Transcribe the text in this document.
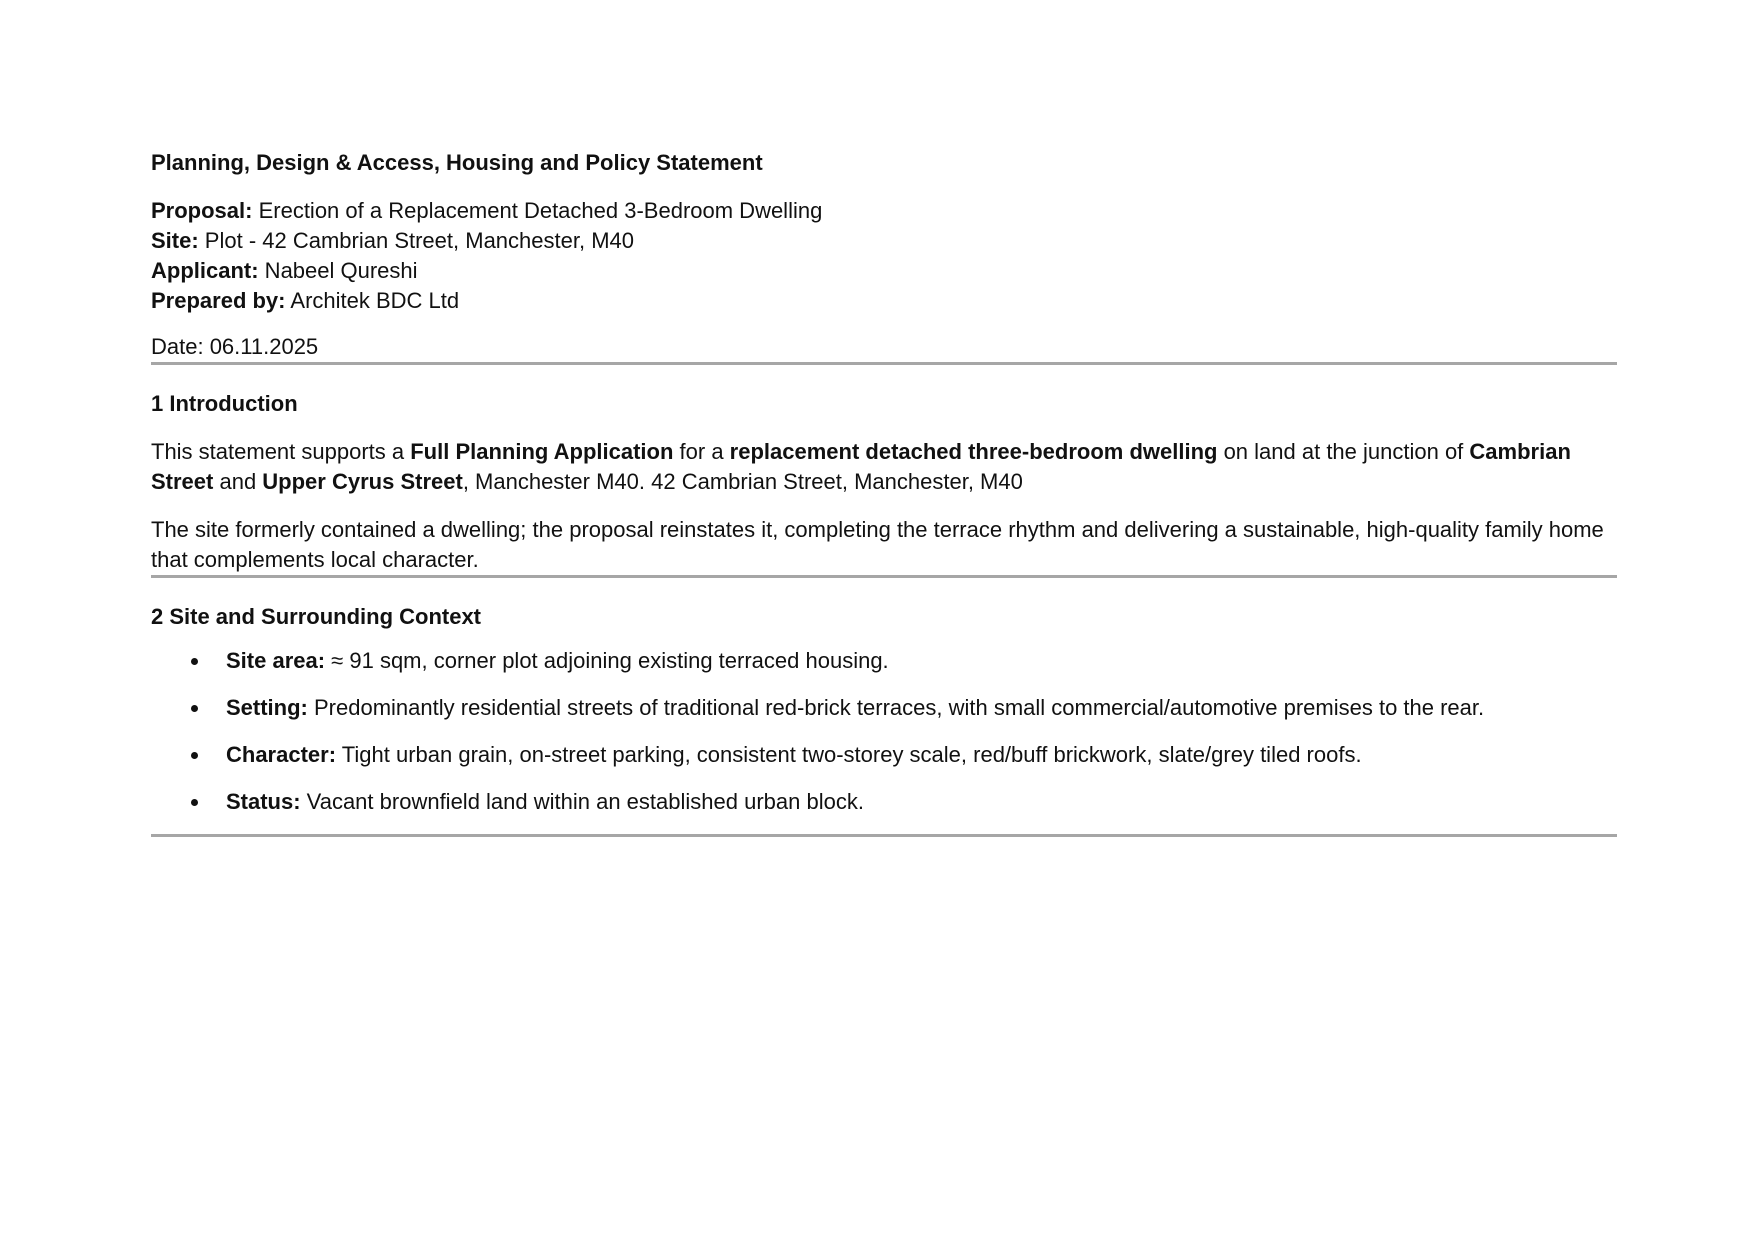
Planning, Design & Access, Housing and Policy Statement

Proposal: Erection of a Replacement Detached 3-Bedroom Dwelling
Site: Plot - 42 Cambrian Street, Manchester, M40
Applicant: Nabeel Qureshi
Prepared by: Architek BDC Ltd
Date: 06.11.2025

1 Introduction

This statement supports a Full Planning Application for a replacement detached three-bedroom dwelling on land at the junction of Cambrian Street and Upper Cyrus Street, Manchester M40. 42 Cambrian Street, Manchester, M40

The site formerly contained a dwelling; the proposal reinstates it, completing the terrace rhythm and delivering a sustainable, high-quality family home that complements local character.

2 Site and Surrounding Context

Site area: ≈ 91 sqm, corner plot adjoining existing terraced housing.
Setting: Predominantly residential streets of traditional red-brick terraces, with small commercial/automotive premises to the rear.
Character: Tight urban grain, on-street parking, consistent two-storey scale, red/buff brickwork, slate/grey tiled roofs.
Status: Vacant brownfield land within an established urban block.
